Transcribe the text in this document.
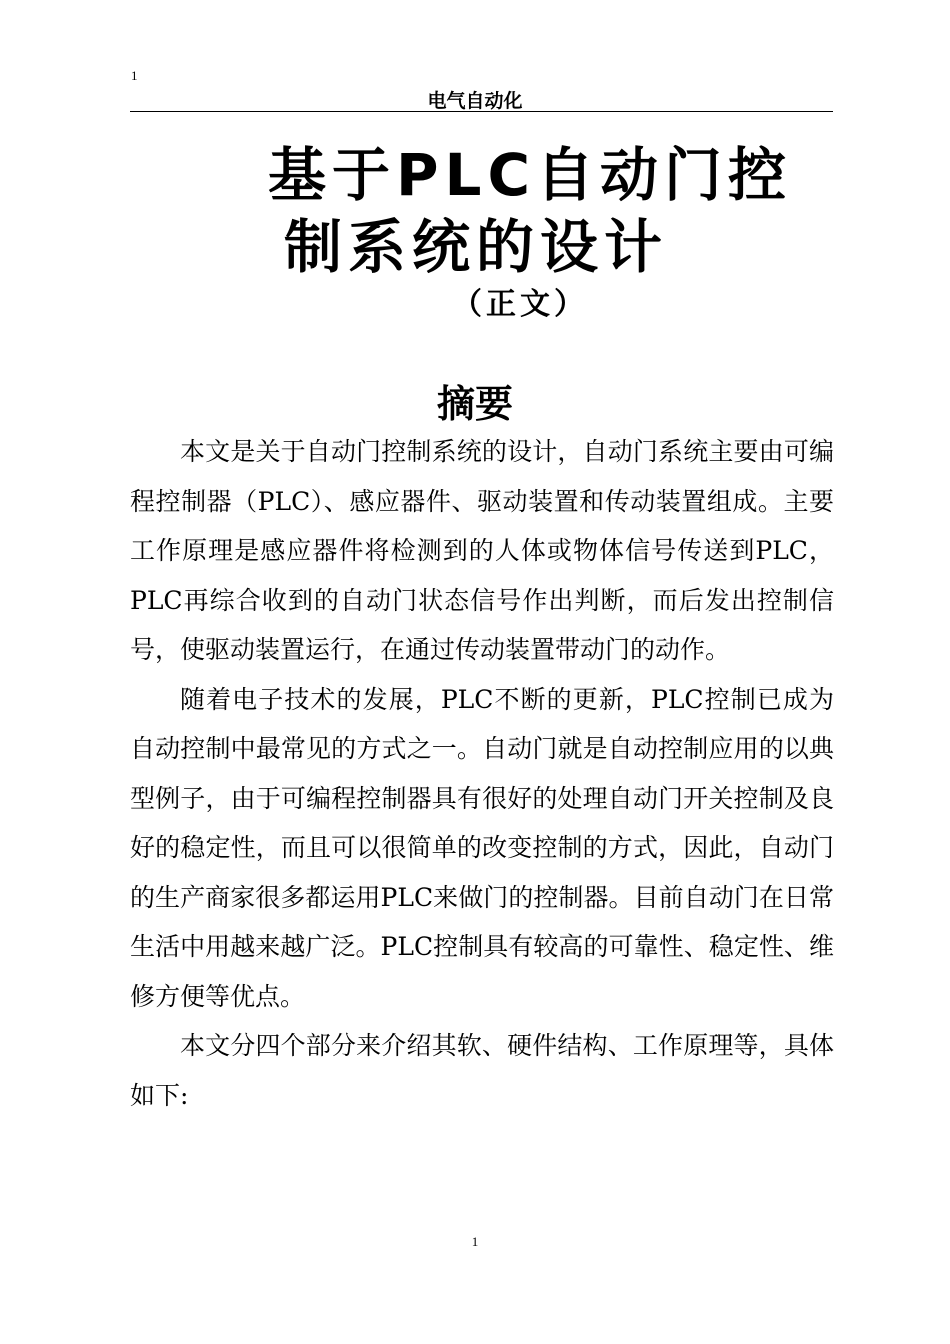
1
电气自动化
基于PLC自动门控
制系统的设计
（正文）
摘要

本文是关于自动门控制系统的设计，自动门系统主要由可编程控制器（PLC）、感应器件、驱动装置和传动装置组成。主要工作原理是感应器件将检测到的人体或物体信号传送到PLC，PLC再综合收到的自动门状态信号作出判断，而后发出控制信号，使驱动装置运行，在通过传动装置带动门的动作。

随着电子技术的发展，PLC不断的更新，PLC控制已成为自动控制中最常见的方式之一。自动门就是自动控制应用的以典型例子，由于可编程控制器具有很好的处理自动门开关控制及良好的稳定性，而且可以很简单的改变控制的方式，因此，自动门的生产商家很多都运用PLC来做门的控制器。目前自动门在日常生活中用越来越广泛。PLC控制具有较高的可靠性、稳定性、维修方便等优点。

本文分四个部分来介绍其软、硬件结构、工作原理等，具体如下:

1
